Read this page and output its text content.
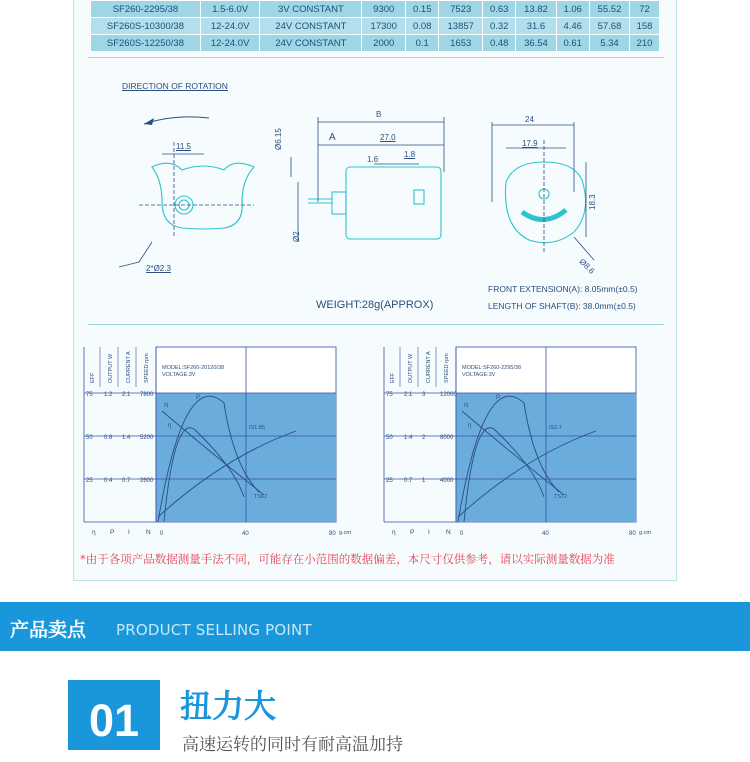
SF260-2295/38	1.5-6.0V	3V CONSTANT	9300	0.15	7523	0.63	13.82	1.06	55.52	72
SF260S-10300/38	12-24.0V	24V CONSTANT	17300	0.08	13857	0.32	31.6	4.46	57.68	158
SF260S-12250/38	12-24.0V	24V CONSTANT	2000	0.1	1653	0.48	36.54	0.61	5.34	210
DIRECTION OF ROTATION
11.5
2*Ø2.3
B
A	27.0
1.6
1.8
Ø6.15
Ø2
24
17.9
18.3
Ø8.6
WEIGHT:28g(APPROX)
FRONT EXTENSION(A): 8.05mm(±0.5)
LENGTH OF SHAFT(B): 38.0mm(±0.5)
EFF OUTPUT W CURRENT A SPEED rpm
75 1.2 2.1 7800
50 0.8 1.4 5200
25 0.4 0.7 2600
η P I N 0	40	80 g.cm
MODEL:SF260-20120/38
VOLTAGE:3V
P
N
η	IS1.85
TS62
EFF OUTPUT W CURRENT A SPEED rpm
75 2.1 3 12000
50 1.4 2 8000
25 0.7 1 4000
η P I N 0	40	80 g.cm
MODEL:SF260-2295/38
VOLTAGE:3V
P
N
η	IS2.7
TS72
*由于各项产品数据测量手法不同，可能存在小范围的数据偏差，本尺寸仅供参考，请以实际测量数据为准
产品卖点 PRODUCT SELLING POINT
01	扭力大
高速运转的同时有耐高温加持
